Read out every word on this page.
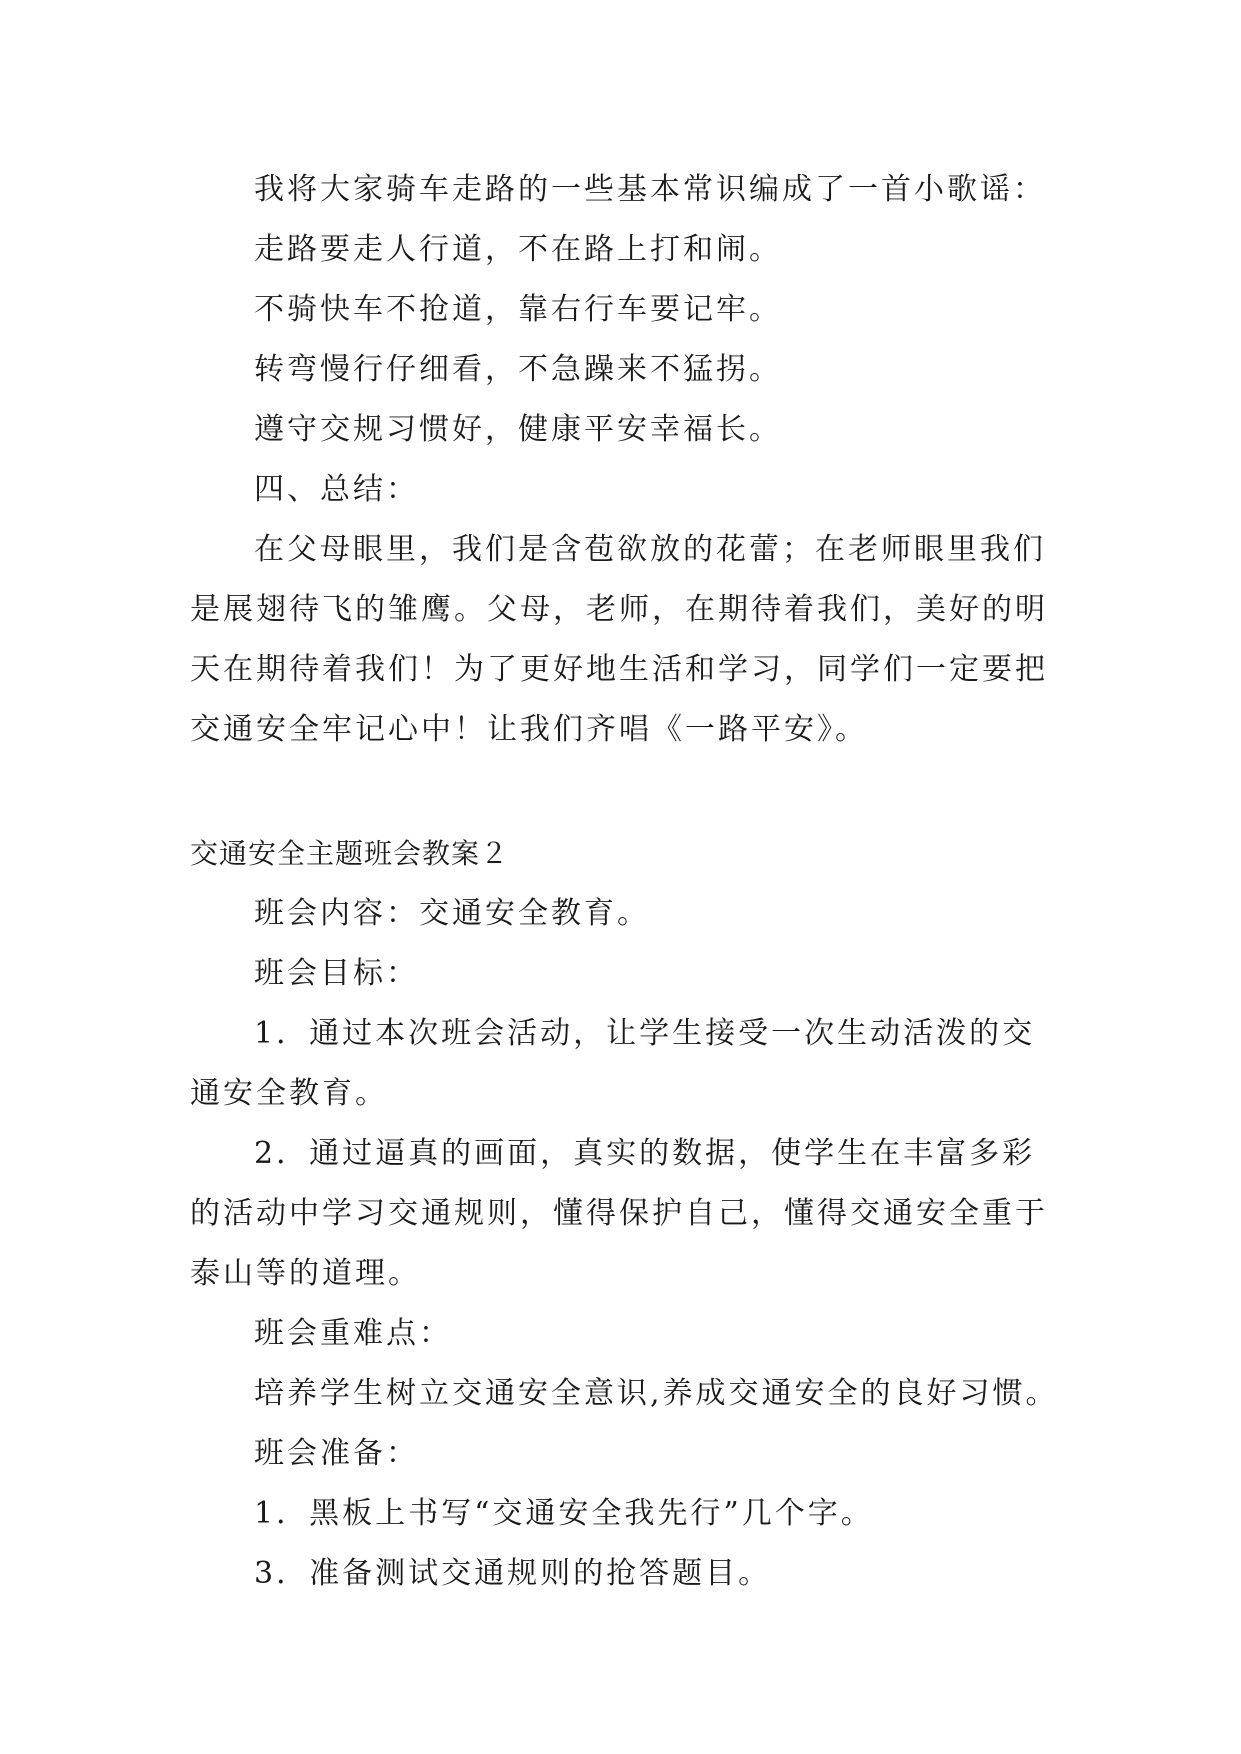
我将大家骑车走路的一些基本常识编成了一首小歌谣：
走路要走人行道，不在路上打和闹。
不骑快车不抢道，靠右行车要记牢。
转弯慢行仔细看，不急躁来不猛拐。
遵守交规习惯好，健康平安幸福长。
四、总结：
在父母眼里，我们是含苞欲放的花蕾；在老师眼里我们
是展翅待飞的雏鹰。父母，老师，在期待着我们，美好的明
天在期待着我们！为了更好地生活和学习，同学们一定要把
交通安全牢记心中！让我们齐唱《一路平安》。
交通安全主题班会教案２
班会内容：交通安全教育。
班会目标：
1．通过本次班会活动，让学生接受一次生动活泼的交
通安全教育。
2．通过逼真的画面，真实的数据，使学生在丰富多彩
的活动中学习交通规则，懂得保护自己，懂得交通安全重于
泰山等的道理。
班会重难点：
培养学生树立交通安全意识,养成交通安全的良好习惯。
班会准备：
1．黑板上书写“交通安全我先行”几个字。
3．准备测试交通规则的抢答题目。
